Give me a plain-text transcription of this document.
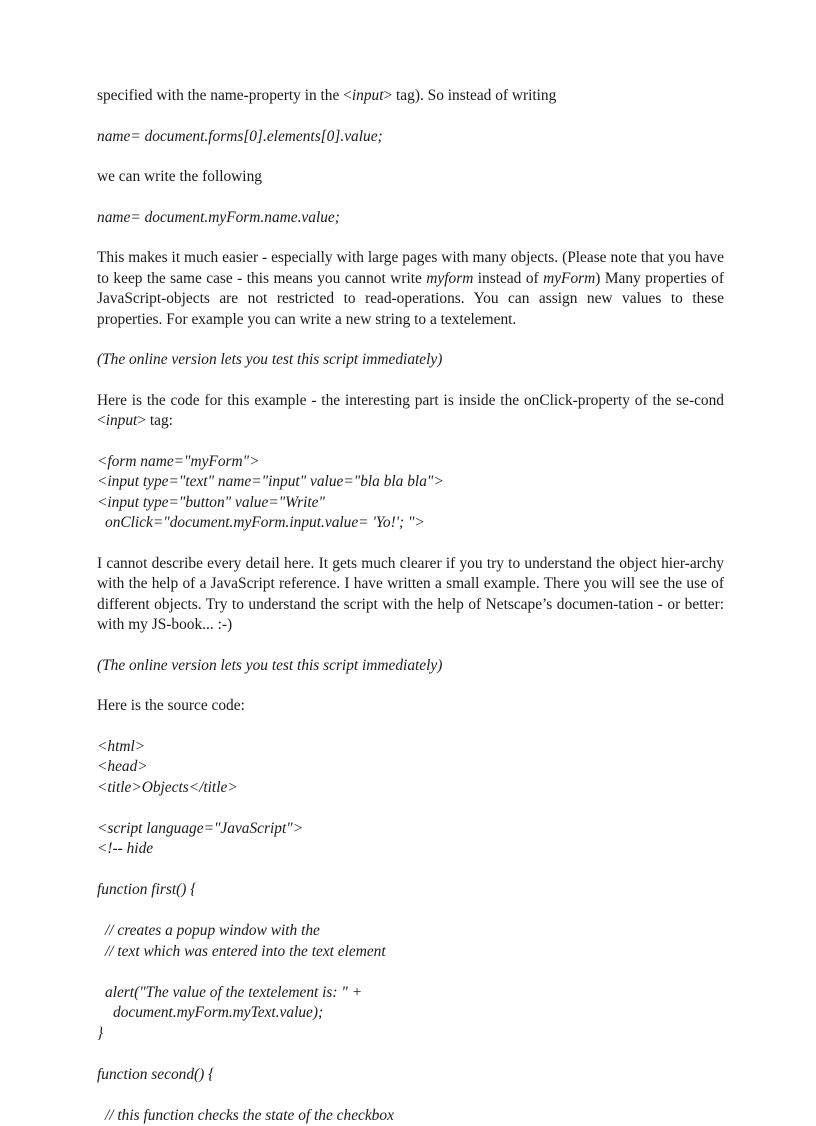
specified with the name-property in the <input> tag). So instead of writing

name= document.forms[0].elements[0].value;

we can write the following

name= document.myForm.name.value;

This makes it much easier - especially with large pages with many objects. (Please note that you have to keep the same case - this means you cannot write myform instead of myForm) Many properties of JavaScript-objects are not restricted to read-operations. You can assign new values to these properties. For example you can write a new string to a textelement.

(The online version lets you test this script immediately)

Here is the code for this example - the interesting part is inside the onClick-property of the se-cond <input> tag:

<form name="myForm">

<input type="text" name="input" value="bla bla bla">

<input type="button" value="Write"

onClick="document.myForm.input.value= 'Yo!'; ">

I cannot describe every detail here. It gets much clearer if you try to understand the object hier-archy with the help of a JavaScript reference. I have written a small example. There you will see the use of different objects. Try to understand the script with the help of Netscape’s documen-tation - or better: with my JS-book... :-)

(The online version lets you test this script immediately)

Here is the source code:

<html>

<head>

<title>Objects</title>

<script language="JavaScript">

<!-- hide

function first() {

// creates a popup window with the

// text which was entered into the text element

alert("The value of the textelement is: " +

document.myForm.myText.value);

}

function second() {

// this function checks the state of the checkbox
